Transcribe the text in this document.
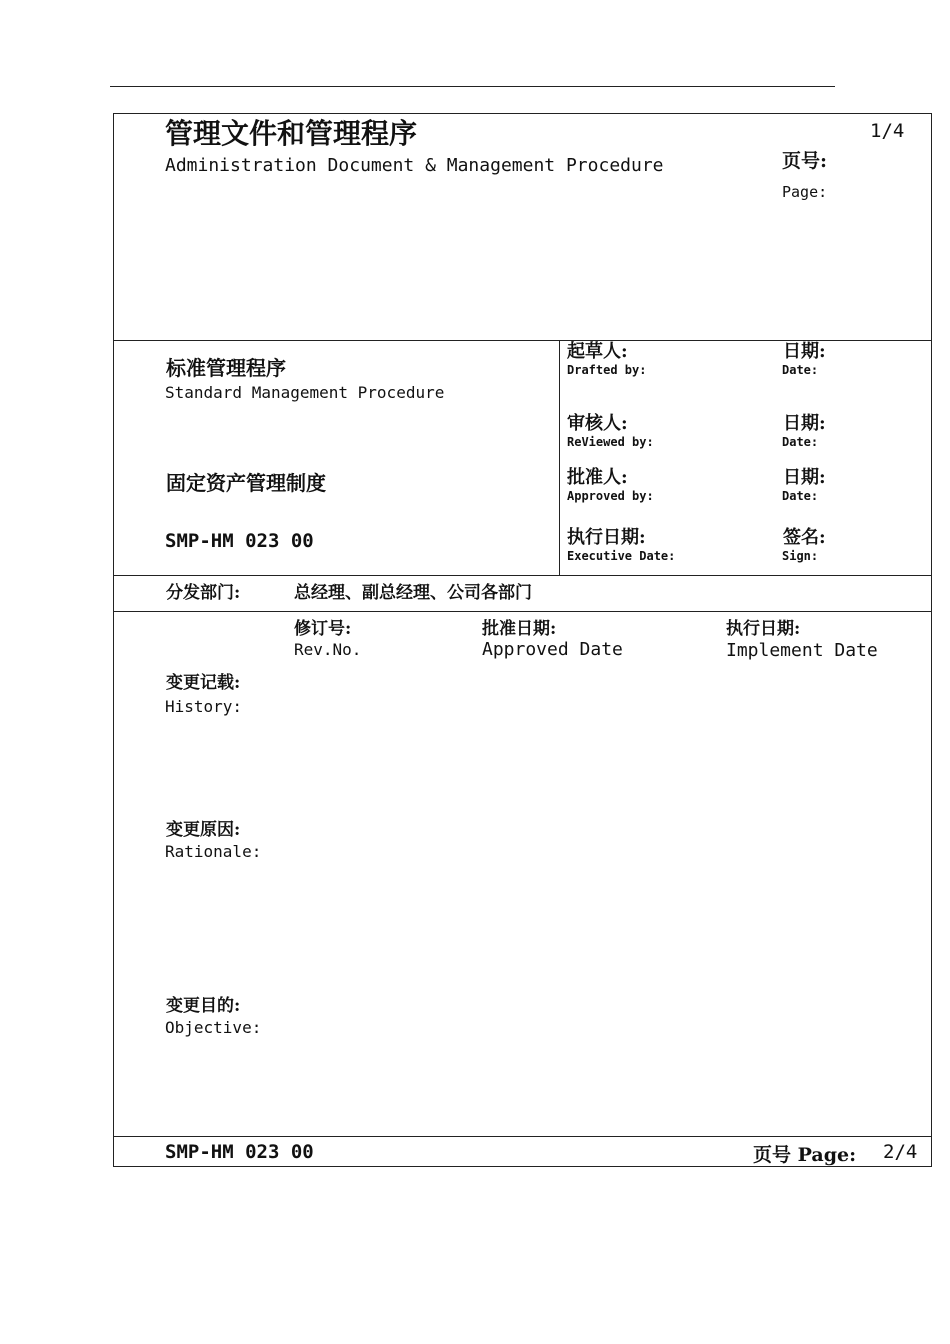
管理文件和管理程序
Administration Document & Management Procedure
1/4
页号:
Page:
标准管理程序
Standard Management Procedure
固定资产管理制度
SMP-HM 023 00
起草人:
Drafted by:
日期:
Date:
审核人:
ReViewed by:
日期:
Date:
批准人:
Approved by:
日期:
Date:
执行日期:
Executive Date:
签名:
Sign:
分发部门:	总经理、副总经理、公司各部门
修订号:
Rev.No.
批准日期:
Approved Date
执行日期:
Implement Date
变更记载:
History:
变更原因:
Rationale:
变更目的:
Objective:
SMP-HM 023 00	页号 Page: 2/4
